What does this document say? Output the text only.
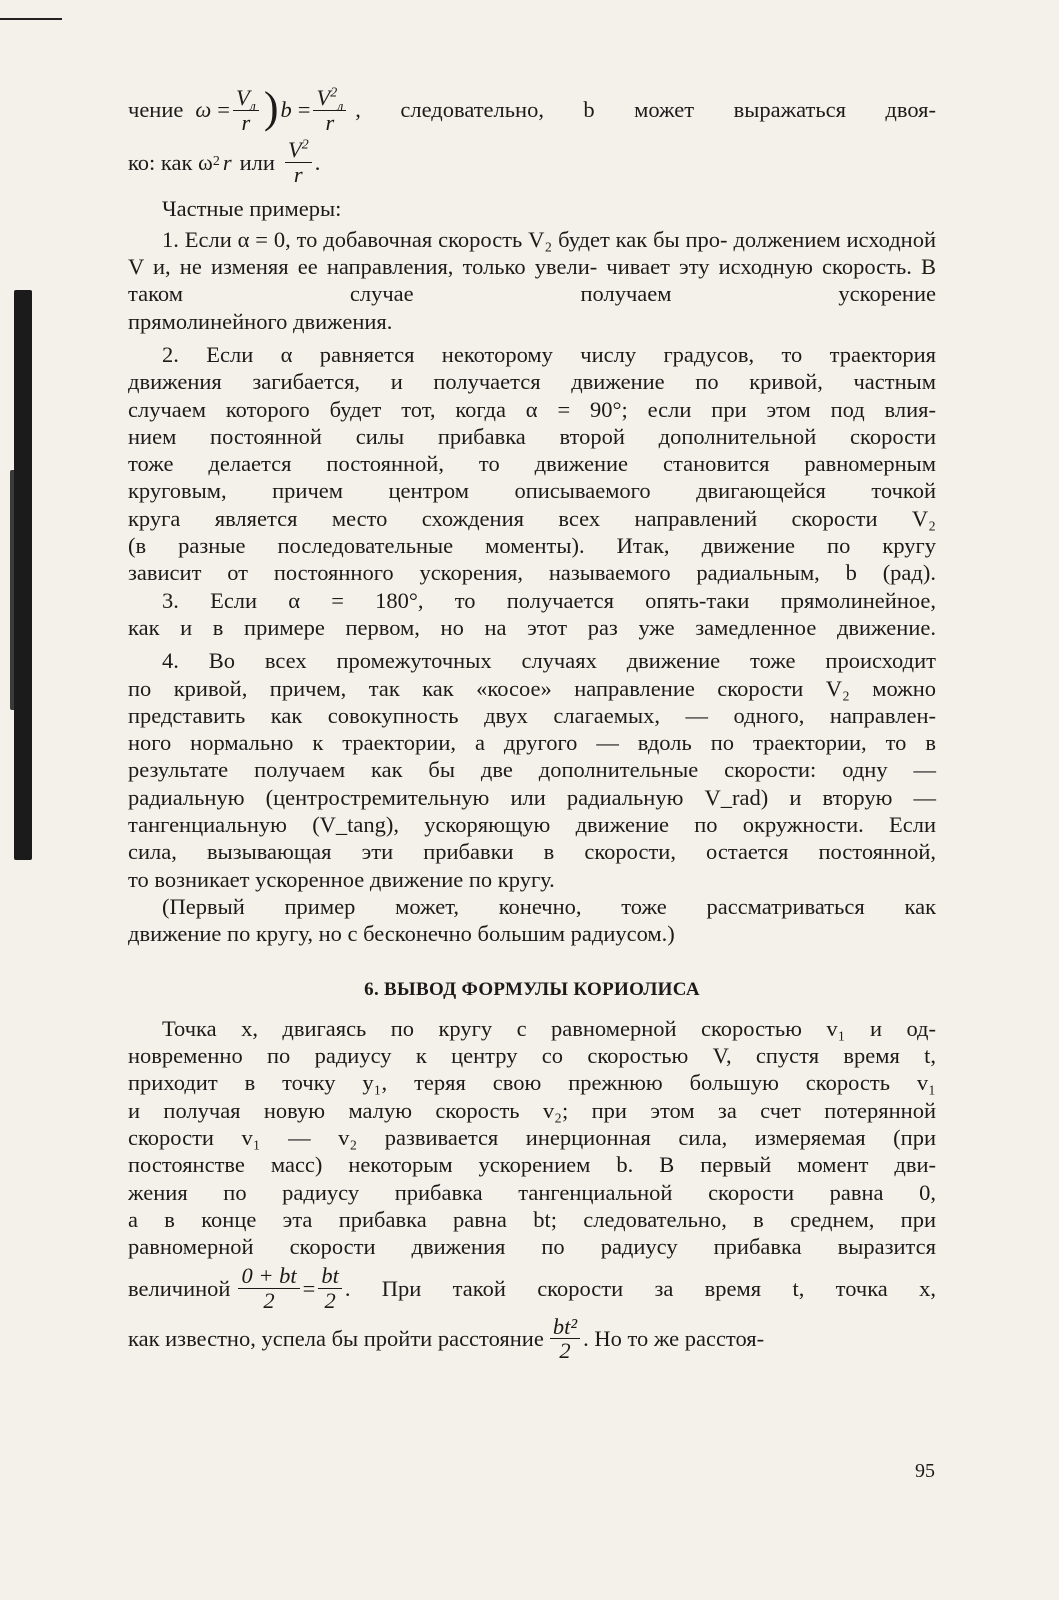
чение $\omega = \frac{V_л}{r}$ ) $b = \frac{V^2_л}{r}$ , следовательно, b может выражаться двоя-
ко: как ω 2 r или $\frac{V^2}{r}$ .

Частные примеры:

1. Если α = 0, то добавочная скорость V₂ будет как бы про- должением исходной V и, не изменяя ее направления, только увели- чивает эту исходную скорость. В таком случае получаем ускорение

прямолинейного движения.

2. Если α равняется некоторому числу градусов, то траектория

движения загибается, и получается движение по кривой, частным

случаем которого будет тот, когда α = 90°; если при этом под влия-

нием постоянной силы прибавка второй дополнительной скорости

тоже делается постоянной, то движение становится равномерным

круговым, причем центром описываемого двигающейся точкой

круга является место схождения всех направлений скорости V₂

(в разные последовательные моменты). Итак, движение по кругу

зависит от постоянного ускорения, называемого радиальным, b (рад).

3. Если α = 180°, то получается опять-таки прямолинейное,

как и в примере первом, но на этот раз уже замедленное движение.

4. Во всех промежуточных случаях движение тоже происходит

по кривой, причем, так как «косое» направление скорости V₂ можно

представить как совокупность двух слагаемых, — одного, направлен-

ного нормально к траектории, а другого — вдоль по траектории, то в

результате получаем как бы две дополнительные скорости: одну —

радиальную (центростремительную или радиальную V_rad) и вторую —

тангенциальную (V_tang), ускоряющую движение по окружности. Если

сила, вызывающая эти прибавки в скорости, остается постоянной,

то возникает ускоренное движение по кругу.

(Первый пример может, конечно, тоже рассматриваться как

движение по кругу, но с бесконечно большим радиусом.)

6. ВЫВОД ФОРМУЛЫ КОРИОЛИСА

Точка x, двигаясь по кругу с равномерной скоростью v₁ и од-

новременно по радиусу к центру со скоростью V, спустя время t,

приходит в точку y₁, теряя свою прежнюю большую скорость v₁

и получая новую малую скорость v₂; при этом за счет потерянной

скорости v₁ — v₂ развивается инерционная сила, измеряемая (при

постоянстве масс) некоторым ускорением b. В первый момент дви-

жения по радиусу прибавка тангенциальной скорости равна 0,

а в конце эта прибавка равна bt; следовательно, в среднем, при

равномерной скорости движения по радиусу прибавка выразится

величиной $\frac{0 + bt}{2} = \frac{bt}{2}$ . При такой скорости за время t, точка x,
как известно, успела бы пройти расстояние $\frac{\text{bt²}}{2}$ . Но то же расстоя-
95
